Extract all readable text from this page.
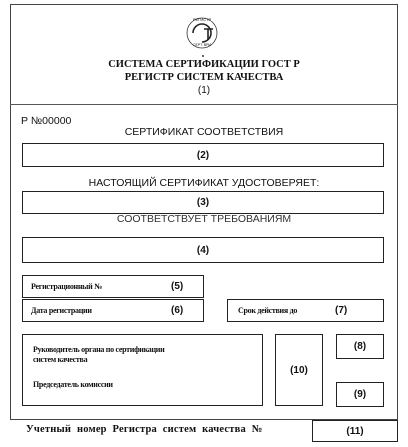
РЕГИСТР
СЕРТ. ВРИ
СИСТЕМА СЕРТИФИКАЦИИ ГОСТ Р
РЕГИСТР СИСТЕМ КАЧЕСТВА
(1)
Р №00000
СЕРТИФИКАТ СООТВЕТСТВИЯ
(2)
НАСТОЯЩИЙ СЕРТИФИКАТ УДОСТОВЕРЯЕТ:
(3)
СООТВЕТСТВУЕТ ТРЕБОВАНИЯМ
(4)
Регистрационный №	(5)
Дата регистрации	(6)	Срок действия до	(7)
Руководитель органа по сертификации
систем качества
Председатель комиссии
(10)
(8)
(9)
Учетный номер Регистра систем качества №	(11)
